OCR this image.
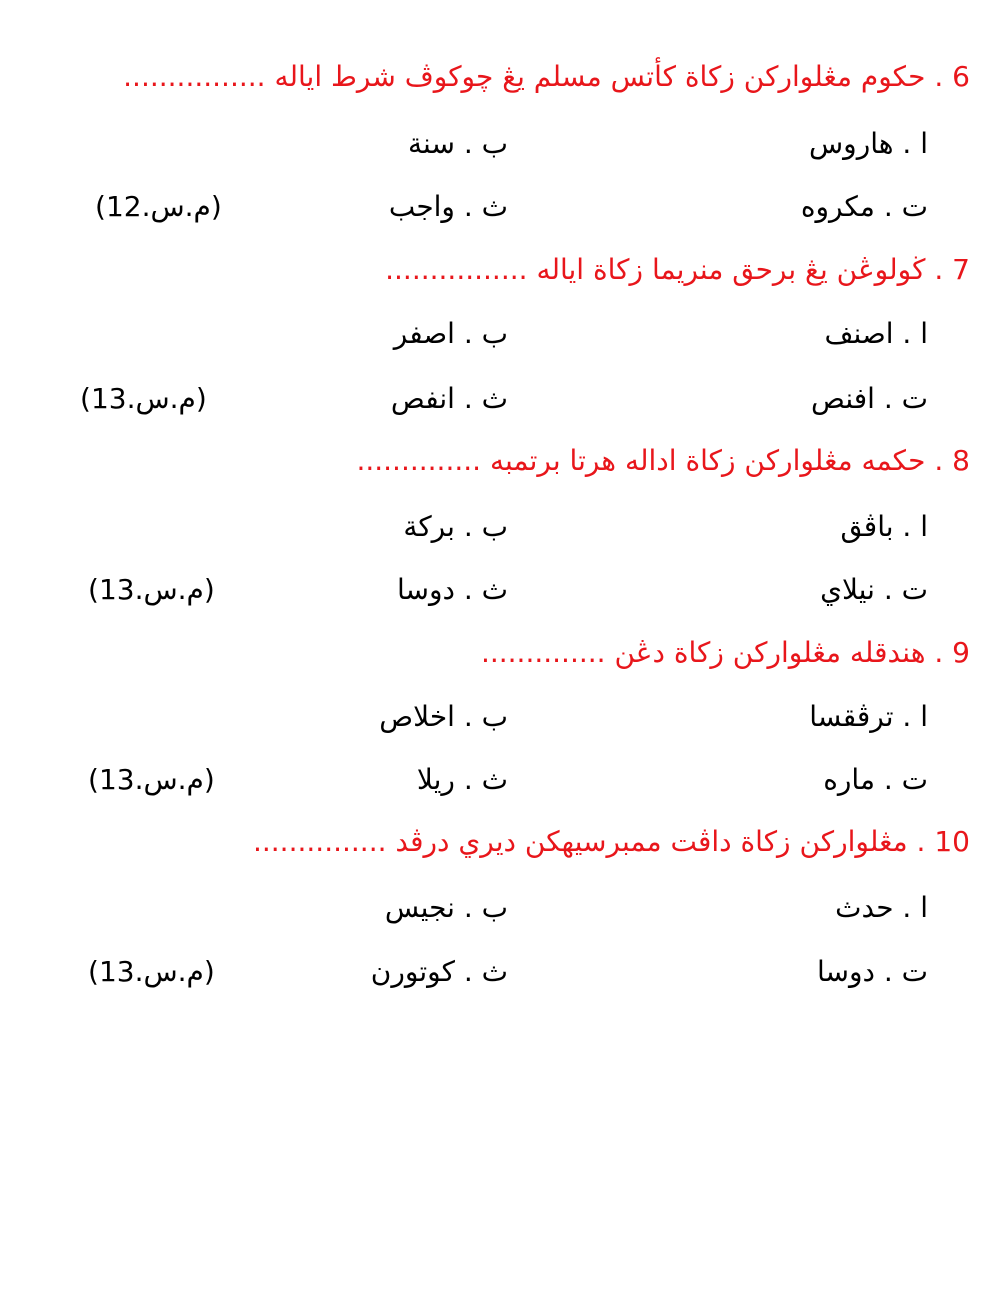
6 . حکوم مڠلوارکن زکاة کأتس مسلم يڠ چوکوڤ شرط اياله ................
ا . هاروس
ب . سنة
ت . مکروه
ث . واجب
(م.س.12)
7 . ڬولوڠن يڠ برحق منريما زکاة اياله ................
ا . اصنف
ب . اصفر
ت . افنص
ث . انفص
(م.س.13)
8 . حکمه مڠلوارکن زکاة اداله هرتا برتمبه ..............
ا . باڤق
ب . برکة
ت . نيلاي
ث . دوسا
(م.س.13)
9 . هندقله مڠلوارکن زکاة دڠن ..............
ا . ترڤقسا
ب . اخلاص
ت . ماره
ث . ريلا
(م.س.13)
10 . مڠلوارکن زکاة داڤت ممبرسيهکن ديري درڤد ...............
ا . حدث
ب . نجيس
ت . دوسا
ث . کوتورن
(م.س.13)
